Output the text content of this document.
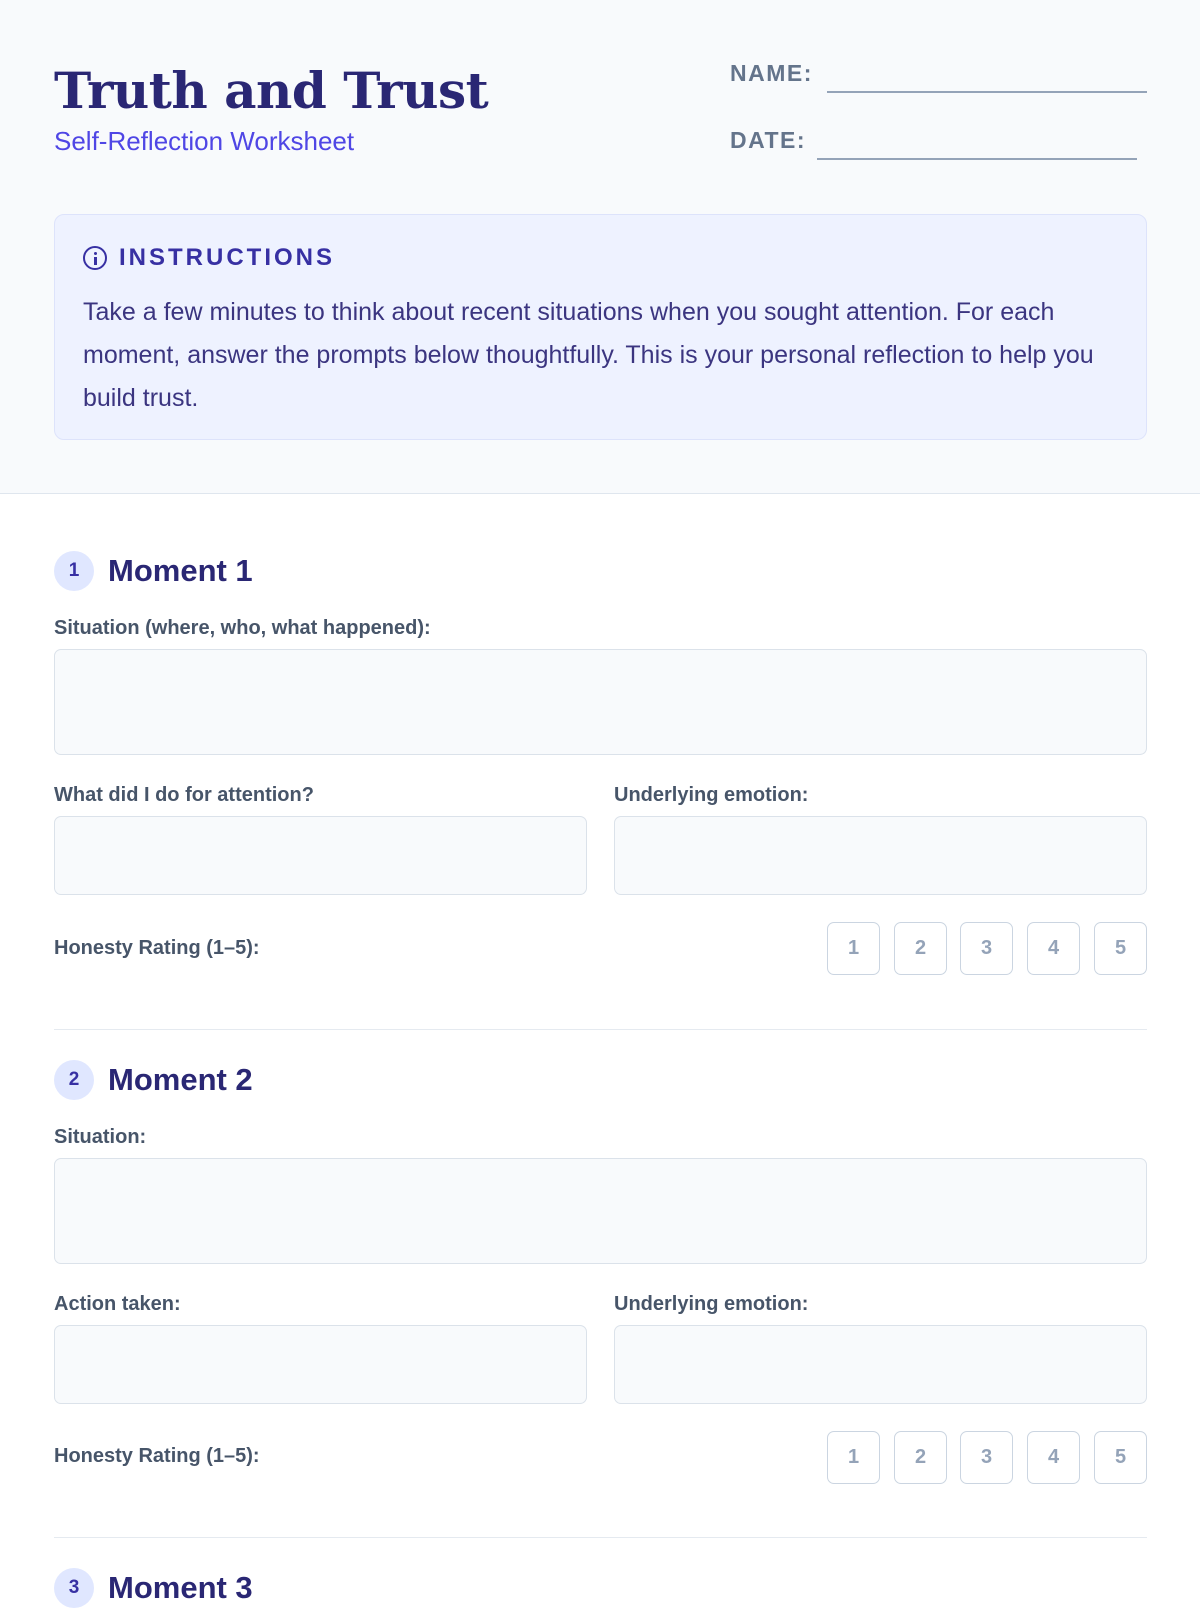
Truth and Trust
Self-Reflection Worksheet
NAME:
DATE:
INSTRUCTIONS
Take a few minutes to think about recent situations when you sought attention. For each moment, answer the prompts below thoughtfully. This is your personal reflection to help you build trust.
1 Moment 1
Situation (where, who, what happened):
What did I do for attention?	Underlying emotion:
Honesty Rating (1–5):	1	2	3	4	5
2 Moment 2
Situation:
Action taken:	Underlying emotion:
Honesty Rating (1–5):	1	2	3	4	5
3 Moment 3
